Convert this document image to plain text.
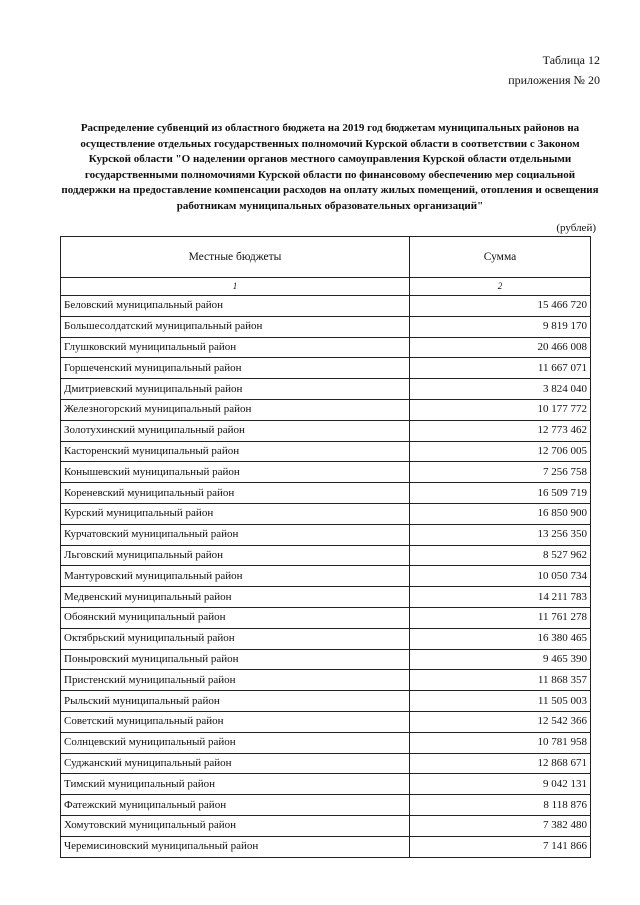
Таблица 12
приложения № 20
Распределение субвенций из областного бюджета на 2019 год бюджетам муниципальных районов на осуществление отдельных государственных полномочий Курской области в соответствии с Законом Курской области "О наделении органов местного самоуправления Курской области отдельными государственными полномочиями Курской области по финансовому обеспечению мер социальной поддержки на предоставление компенсации расходов на оплату жилых помещений, отопления и освещения работникам муниципальных образовательных организаций"
(рублей)
Местные бюджеты	Сумма
1	2
Беловский муниципальный район	15 466 720
Большесолдатский муниципальный район	9 819 170
Глушковский муниципальный район	20 466 008
Горшеченский муниципальный район	11 667 071
Дмитриевский муниципальный район	3 824 040
Железногорский муниципальный район	10 177 772
Золотухинский муниципальный район	12 773 462
Касторенский муниципальный район	12 706 005
Конышевский муниципальный район	7 256 758
Кореневский муниципальный район	16 509 719
Курский муниципальный район	16 850 900
Курчатовский муниципальный район	13 256 350
Льговский муниципальный район	8 527 962
Мантуровский муниципальный район	10 050 734
Медвенский муниципальный район	14 211 783
Обоянский муниципальный район	11 761 278
Октябрьский муниципальный район	16 380 465
Поныровский муниципальный район	9 465 390
Пристенский муниципальный район	11 868 357
Рыльский муниципальный район	11 505 003
Советский муниципальный район	12 542 366
Солнцевский муниципальный район	10 781 958
Суджанский муниципальный район	12 868 671
Тимский муниципальный район	9 042 131
Фатежский муниципальный район	8 118 876
Хомутовский муниципальный район	7 382 480
Черемисиновский муниципальный район	7 141 866
